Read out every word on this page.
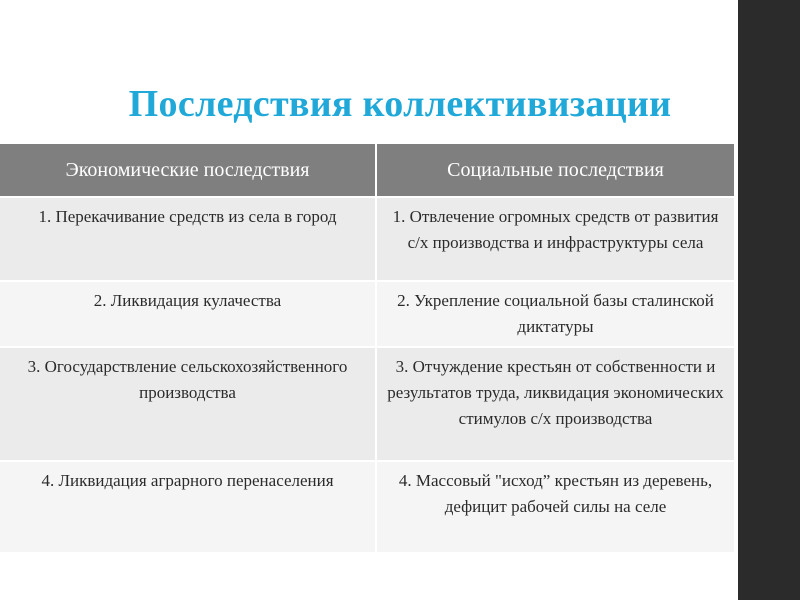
Последствия коллективизации
Экономические последствия	Социальные последствия
1. Перекачивание средств из села в город	1. Отвлечение огромных средств от развития с/х производства и инфраструктуры села
2. Ликвидация кулачества	2. Укрепление социальной базы сталинской диктатуры
3. Огосударствление сельскохозяйственного производства	3. Отчуждение крестьян от собственности и результатов труда, ликвидация экономических стимулов с/х производства
4. Ликвидация аграрного перенаселения	4. Массовый "исход” крестьян из деревень, дефицит рабочей силы на селе
